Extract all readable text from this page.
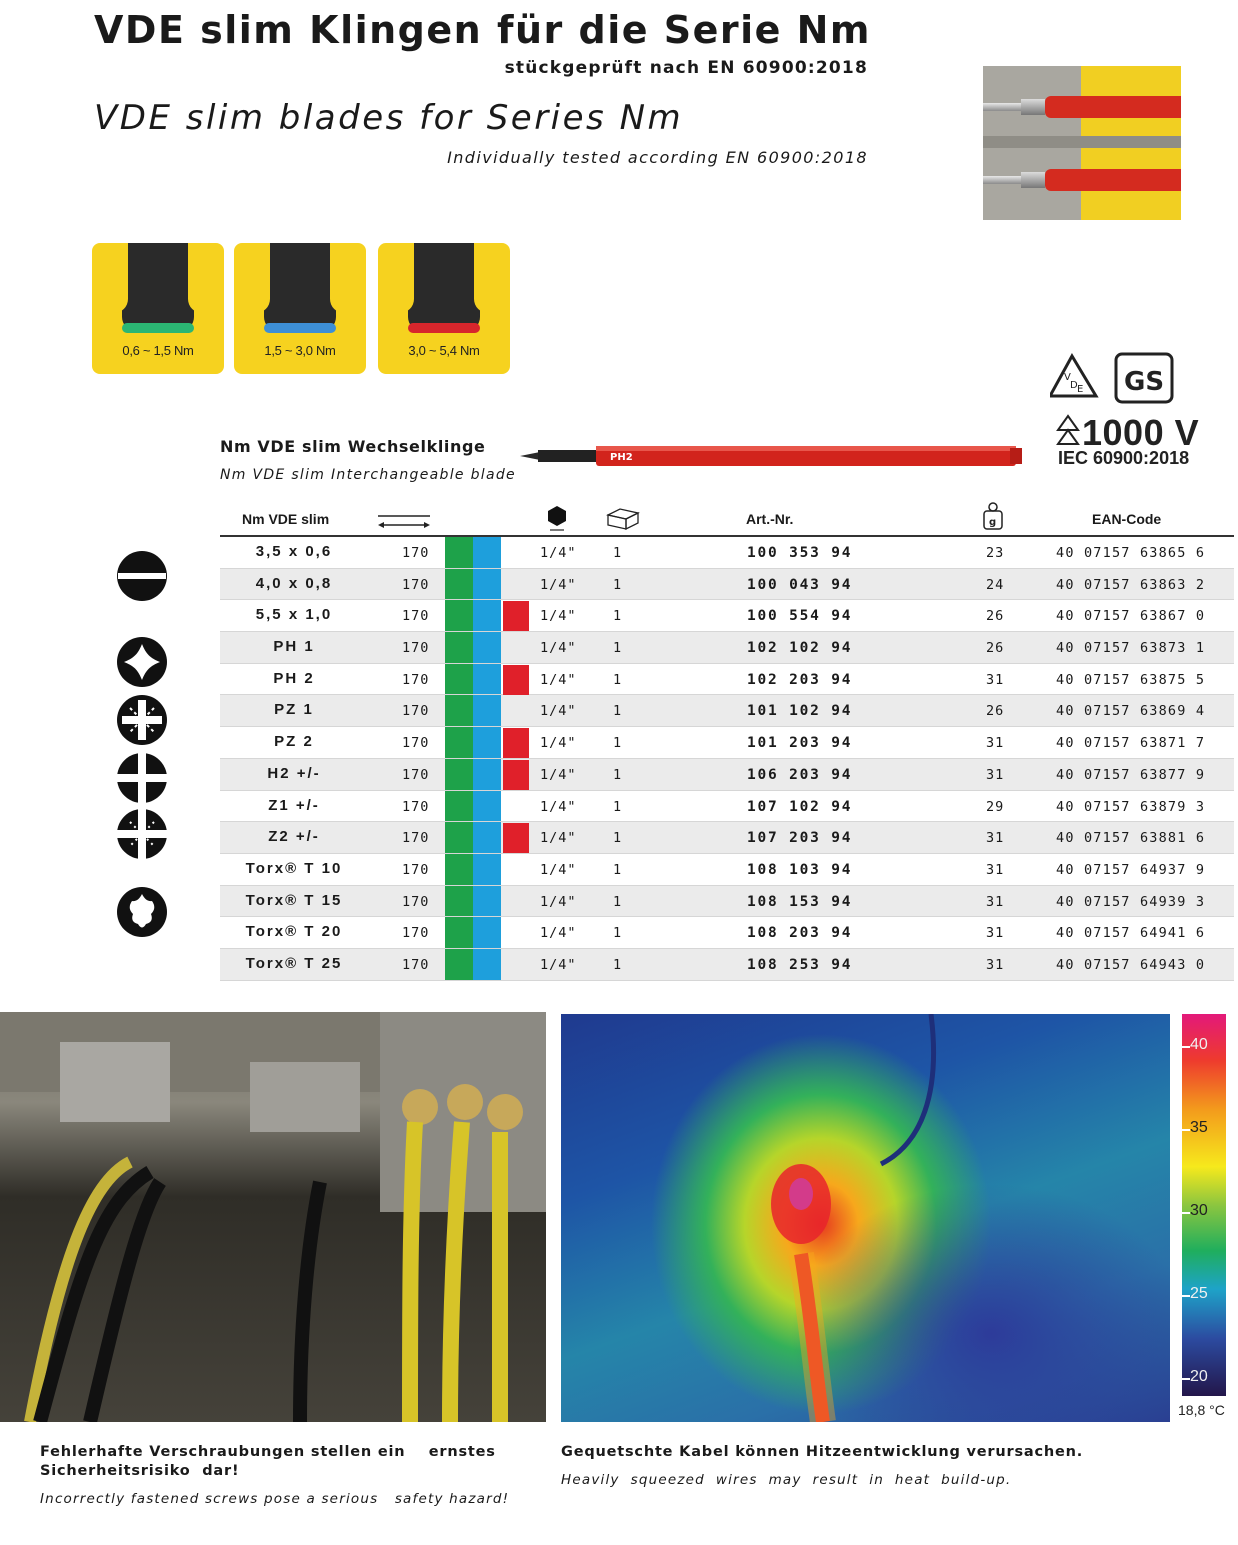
VDE slim Klingen für die Serie Nm
stückgeprüft nach EN 60900:2018
VDE slim blades for Series Nm
Individually tested according EN 60900:2018
0,6 ~ 1,5 Nm	1,5 ~ 3,0 Nm	3,0 ~ 5,4 Nm
V
D E GS
1000 V
IEC 60900:2018
Nm VDE slim Wechselklinge
Nm VDE slim Interchangeable blade
PH2
Nm VDE slim	Art.-Nr.	g	EAN-Code
3,5 x 0,6	170	1/4"	1	100 353 94	23	40 07157 63865 6
4,0 x 0,8	170	1/4"	1	100 043 94	24	40 07157 63863 2
5,5 x 1,0	170	1/4"	1	100 554 94	26	40 07157 63867 0
PH 1	170	1/4"	1	102 102 94	26	40 07157 63873 1
PH 2	170	1/4"	1	102 203 94	31	40 07157 63875 5
PZ 1	170	1/4"	1	101 102 94	26	40 07157 63869 4
PZ 2	170	1/4"	1	101 203 94	31	40 07157 63871 7
H2 +/-	170	1/4"	1	106 203 94	31	40 07157 63877 9
Z1 +/-	170	1/4"	1	107 102 94	29	40 07157 63879 3
Z2 +/-	170	1/4"	1	107 203 94	31	40 07157 63881 6
Torx® T 10	170	1/4"	1	108 103 94	31	40 07157 64937 9
Torx® T 15	170	1/4"	1	108 153 94	31	40 07157 64939 3
Torx® T 20	170	1/4"	1	108 203 94	31	40 07157 64941 6
Torx® T 25	170	1/4"	1	108 253 94	31	40 07157 64943 0
40
35
30
25
20
18,8 °C
Fehlerhafte Verschraubungen stellen ein    ernstes
Sicherheitsrisiko  dar!
Incorrectly fastened screws pose a serious   safety hazard!
Gequetschte Kabel können Hitzeentwicklung verursachen.
Heavily  squeezed  wires  may  result  in  heat  build-up.
